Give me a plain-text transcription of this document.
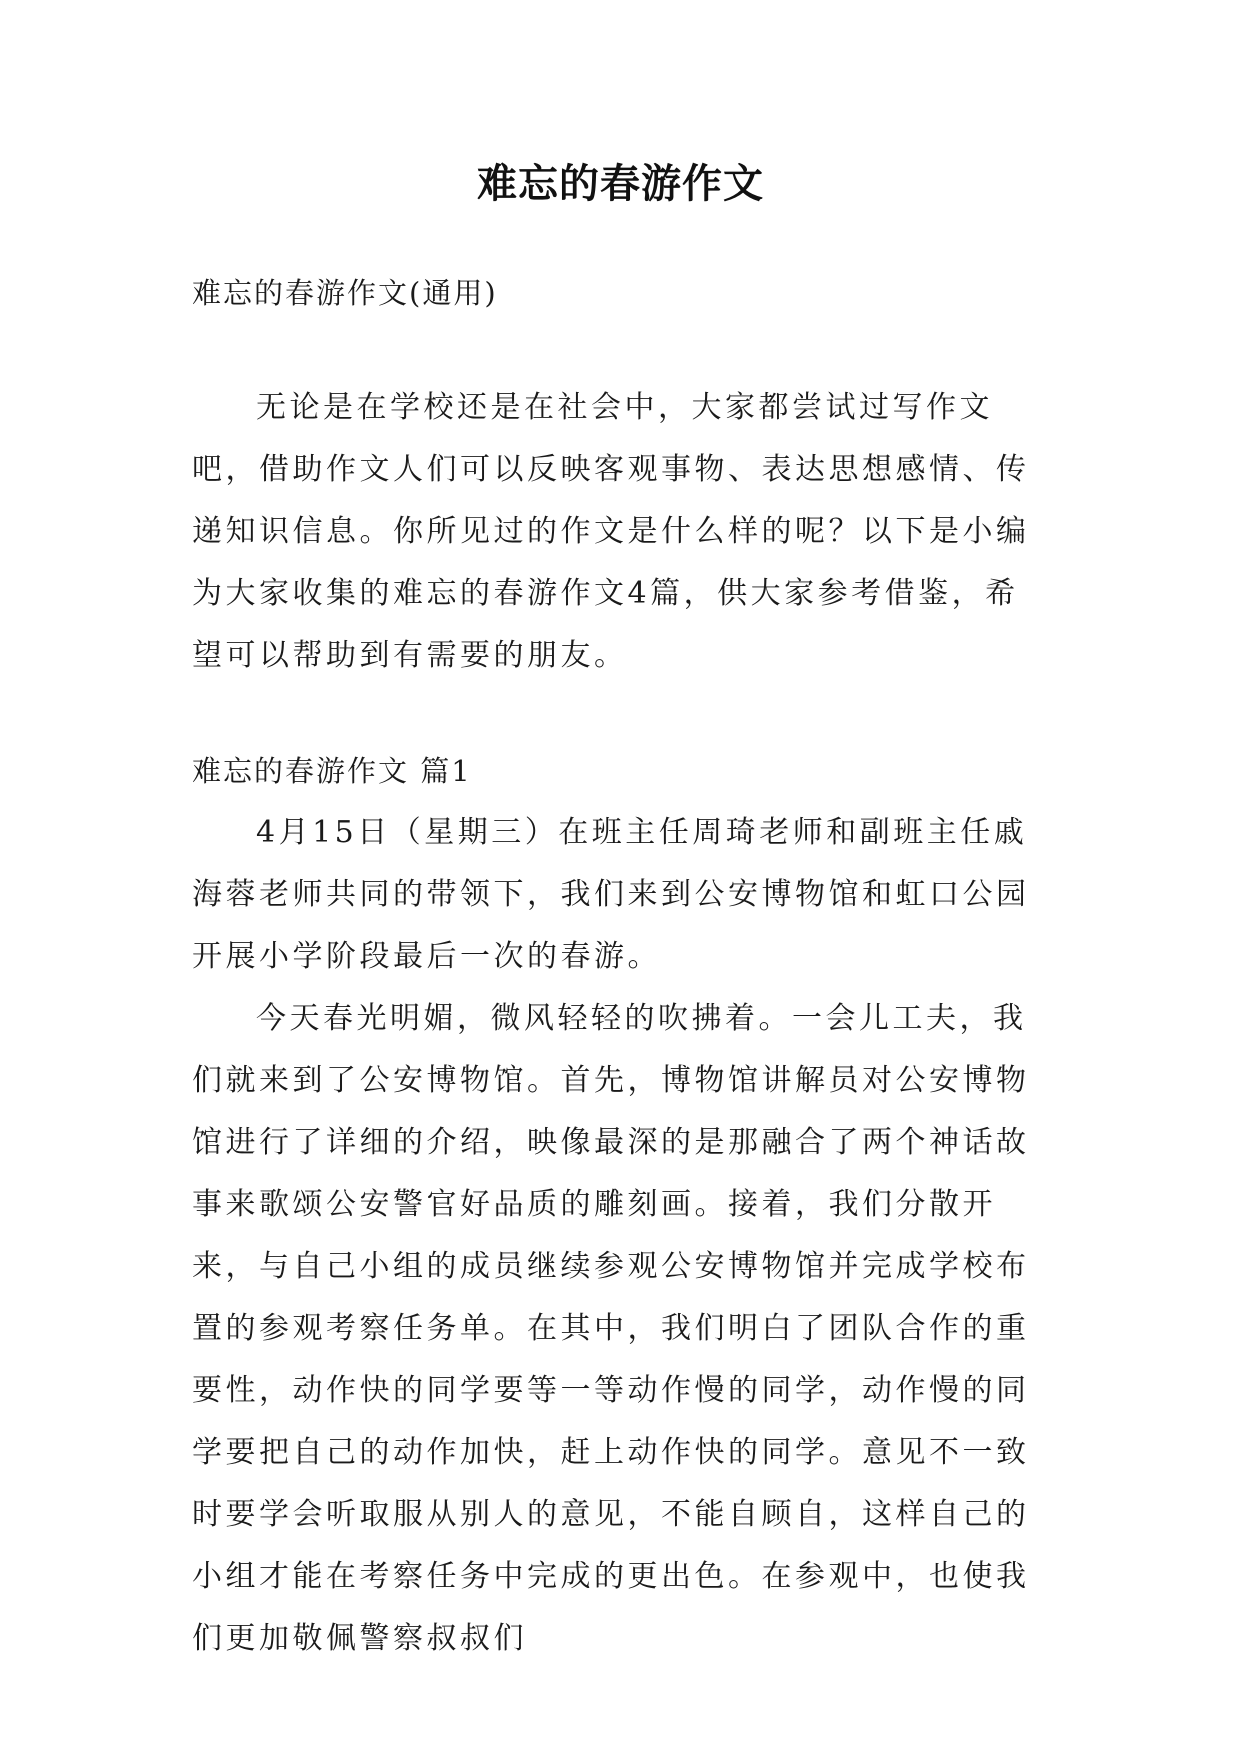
难忘的春游作文

难忘的春游作文(通用)

无论是在学校还是在社会中，大家都尝试过写作文吧，借助作文人们可以反映客观事物、表达思想感情、传递知识信息。你所见过的作文是什么样的呢？以下是小编为大家收集的难忘的春游作文4篇，供大家参考借鉴，希望可以帮助到有需要的朋友。

难忘的春游作文 篇1

4月15日（星期三）在班主任周琦老师和副班主任戚海蓉老师共同的带领下，我们来到公安博物馆和虹口公园开展小学阶段最后一次的春游。

今天春光明媚，微风轻轻的吹拂着。一会儿工夫，我们就来到了公安博物馆。首先，博物馆讲解员对公安博物馆进行了详细的介绍，映像最深的是那融合了两个神话故事来歌颂公安警官好品质的雕刻画。接着，我们分散开来，与自己小组的成员继续参观公安博物馆并完成学校布置的参观考察任务单。在其中，我们明白了团队合作的重要性，动作快的同学要等一等动作慢的同学，动作慢的同学要把自己的动作加快，赶上动作快的同学。意见不一致时要学会听取服从别人的意见，不能自顾自，这样自己的小组才能在考察任务中完成的更出色。在参观中，也使我们更加敬佩警察叔叔们
